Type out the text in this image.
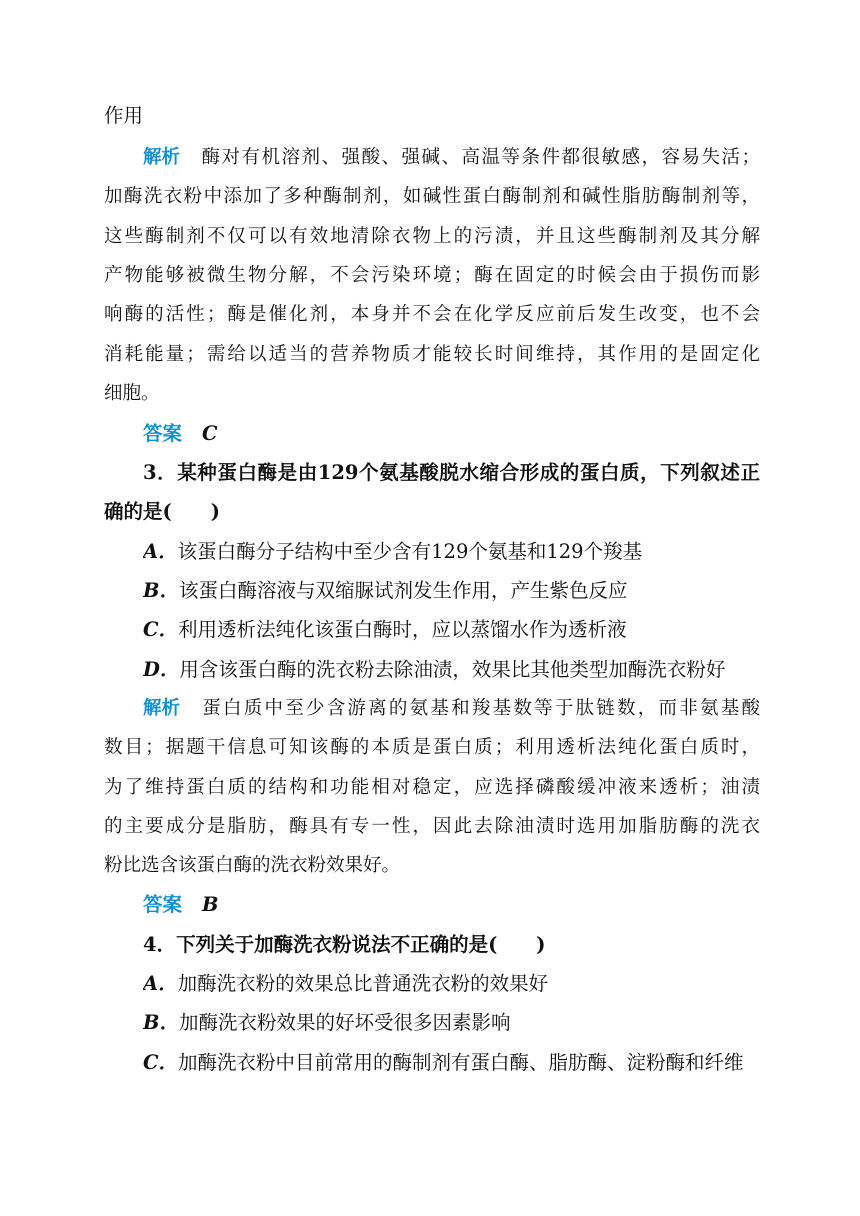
作用
解析 酶对有机溶剂、强酸、强碱、高温等条件都很敏感，容易失活；
加酶洗衣粉中添加了多种酶制剂，如碱性蛋白酶制剂和碱性脂肪酶制剂等，
这些酶制剂不仅可以有效地清除衣物上的污渍，并且这些酶制剂及其分解
产物能够被微生物分解，不会污染环境；酶在固定的时候会由于损伤而影
响酶的活性；酶是催化剂，本身并不会在化学反应前后发生改变，也不会
消耗能量；需给以适当的营养物质才能较长时间维持，其作用的是固定化
细胞。
答案 C
3．某种蛋白酶是由129个氨基酸脱水缩合形成的蛋白质，下列叙述正
确的是(　　)
A．该蛋白酶分子结构中至少含有129个氨基和129个羧基
B．该蛋白酶溶液与双缩脲试剂发生作用，产生紫色反应
C．利用透析法纯化该蛋白酶时，应以蒸馏水作为透析液
D．用含该蛋白酶的洗衣粉去除油渍，效果比其他类型加酶洗衣粉好
解析 蛋白质中至少含游离的氨基和羧基数等于肽链数，而非氨基酸
数目；据题干信息可知该酶的本质是蛋白质；利用透析法纯化蛋白质时，
为了维持蛋白质的结构和功能相对稳定，应选择磷酸缓冲液来透析；油渍
的主要成分是脂肪，酶具有专一性，因此去除油渍时选用加脂肪酶的洗衣
粉比选含该蛋白酶的洗衣粉效果好。
答案 B
4．下列关于加酶洗衣粉说法不正确的是(　　)
A．加酶洗衣粉的效果总比普通洗衣粉的效果好
B．加酶洗衣粉效果的好坏受很多因素影响
C．加酶洗衣粉中目前常用的酶制剂有蛋白酶、脂肪酶、淀粉酶和纤维
